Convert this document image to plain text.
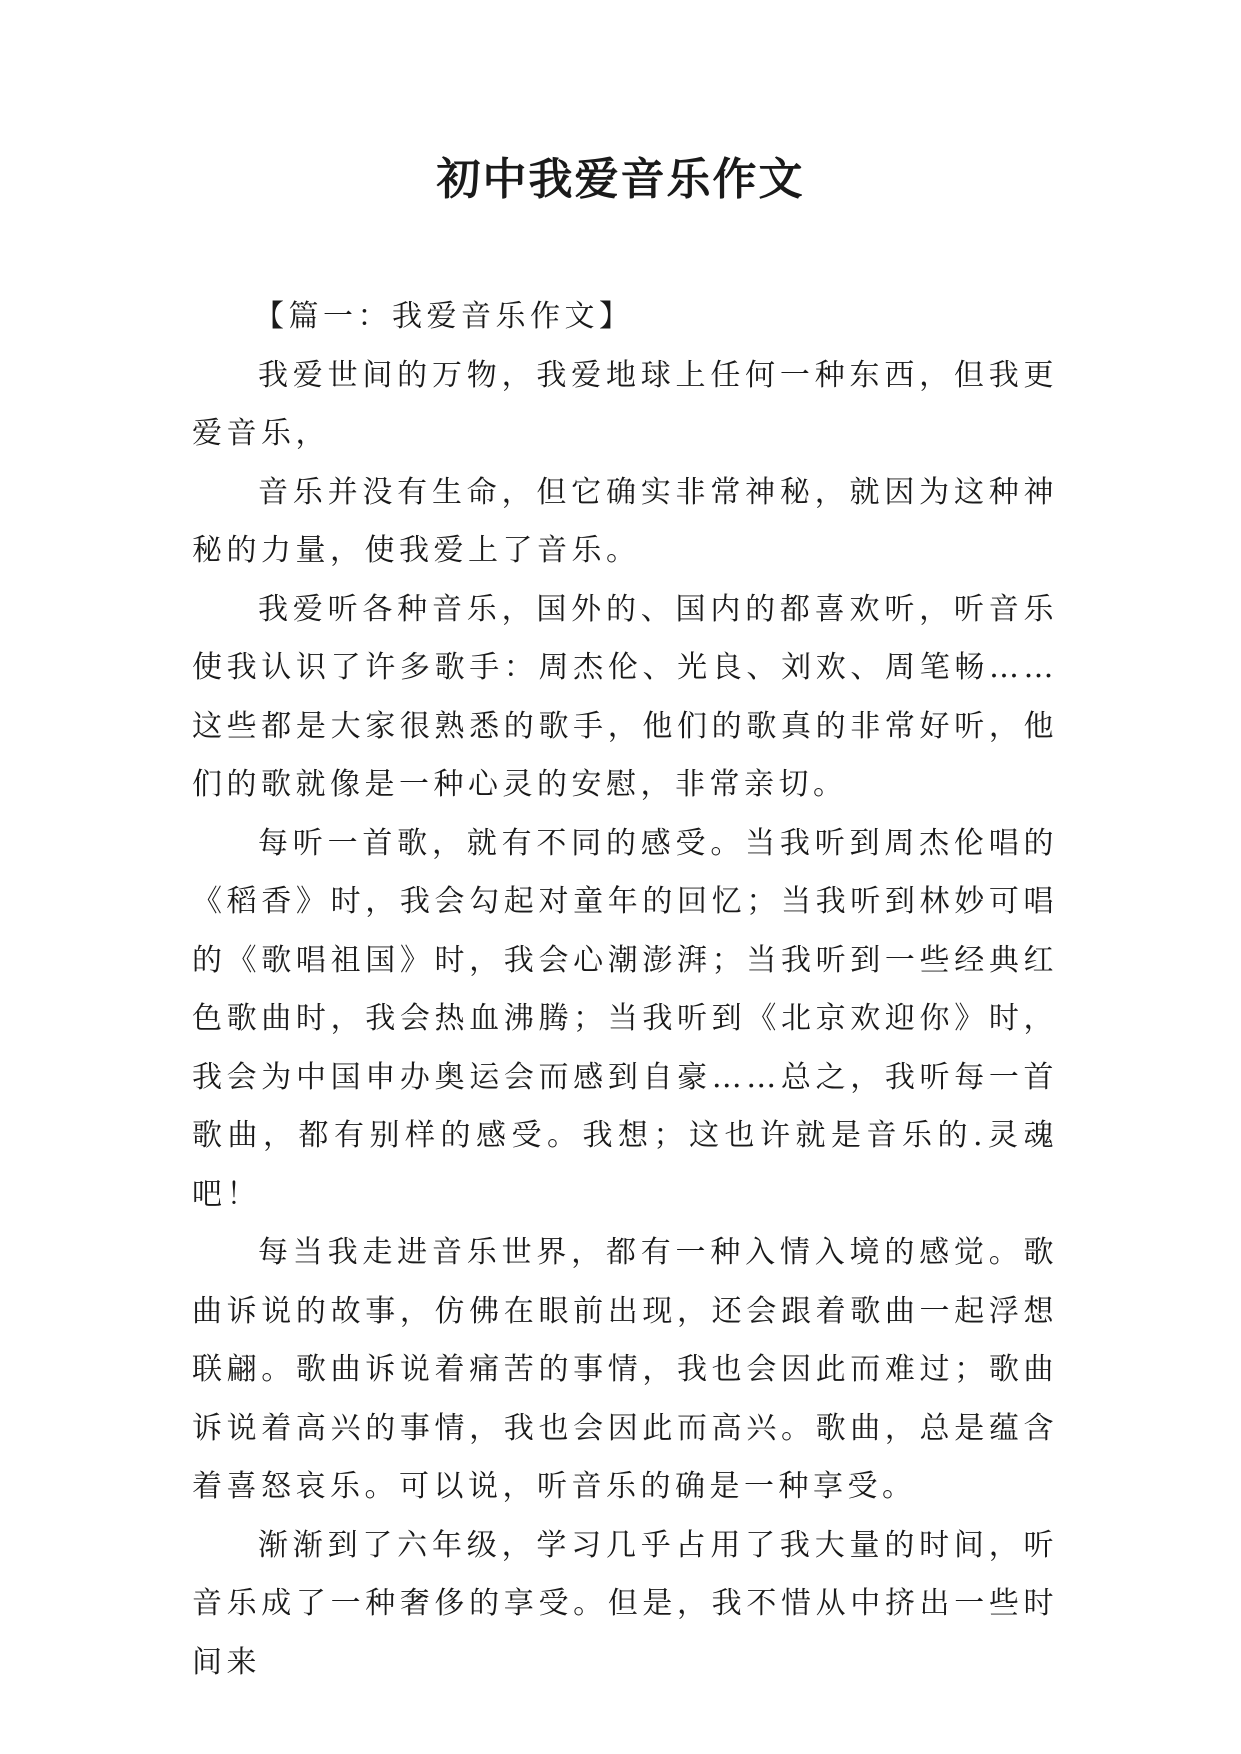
初中我爱音乐作文

【篇一：我爱音乐作文】

我爱世间的万物，我爱地球上任何一种东西，但我更爱音乐，

音乐并没有生命，但它确实非常神秘，就因为这种神秘的力量，使我爱上了音乐。

我爱听各种音乐，国外的、国内的都喜欢听，听音乐使我认识了许多歌手：周杰伦、光良、刘欢、周笔畅……这些都是大家很熟悉的歌手，他们的歌真的非常好听，他们的歌就像是一种心灵的安慰，非常亲切。

每听一首歌，就有不同的感受。当我听到周杰伦唱的《稻香》时，我会勾起对童年的回忆；当我听到林妙可唱的《歌唱祖国》时，我会心潮澎湃；当我听到一些经典红色歌曲时，我会热血沸腾；当我听到《北京欢迎你》时，我会为中国申办奥运会而感到自豪……总之，我听每一首歌曲，都有别样的感受。我想；这也许就是音乐的.灵魂吧！

每当我走进音乐世界，都有一种入情入境的感觉。歌曲诉说的故事，仿佛在眼前出现，还会跟着歌曲一起浮想联翩。歌曲诉说着痛苦的事情，我也会因此而难过；歌曲诉说着高兴的事情，我也会因此而高兴。歌曲，总是蕴含着喜怒哀乐。可以说，听音乐的确是一种享受。

渐渐到了六年级，学习几乎占用了我大量的时间，听音乐成了一种奢侈的享受。但是，我不惜从中挤出一些时间来
